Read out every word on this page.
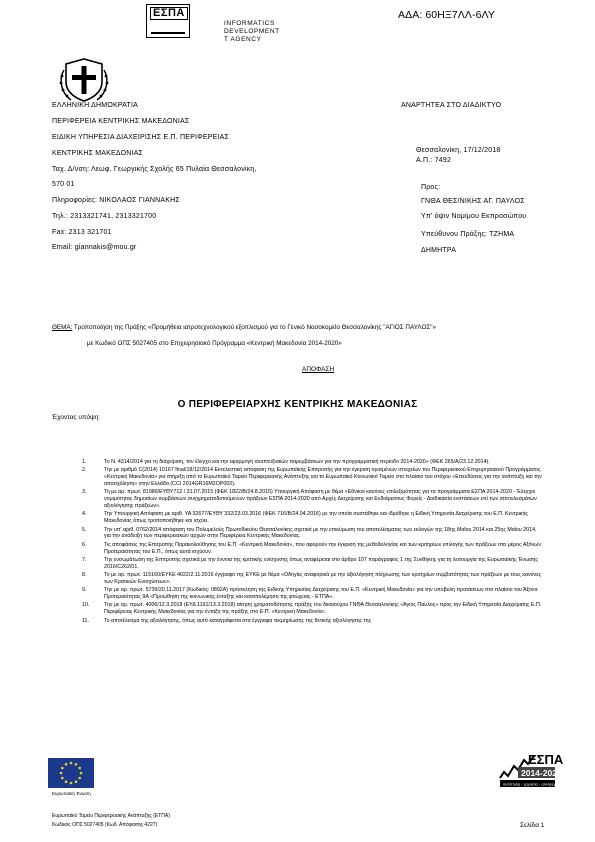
ΕΣΠΑ
INFORMATICS
DEVELOPMENT
T AGENCY
ΑΔΑ: 60ΗΞ7ΛΛ-6ΛΥ
ΕΛΛΗΝΙΚΗ ΔΗΜΟΚΡΑΤΙΑ
ΠΕΡΙΦΕΡΕΙΑ ΚΕΝΤΡΙΚΗΣ ΜΑΚΕΔΟΝΙΑΣ
ΕΙΔΙΚΗ ΥΠΗΡΕΣΙΑ ΔΙΑΧΕΙΡΙΣΗΣ Ε.Π. ΠΕΡΙΦΕΡΕΙΑΣ
ΚΕΝΤΡΙΚΗΣ ΜΑΚΕΔΟΝΙΑΣ
Ταχ. Δ/νση: Λεωφ. Γεωργικής Σχολής 65 Πυλαία Θεσσαλονίκη,
570 01
Πληροφορίες: ΝΙΚΟΛΑΟΣ ΓΙΑΝΝΑΚΗΣ
Τηλ.: 2313321741, 2313321700
Fax: 2313 321701
Email: giannakis@mou.gr
ΑΝΑΡΤΗΤΕΑ ΣΤΟ ΔΙΑΔΙΚΤΥΟ
Θεσσαλονίκη, 17/12/2018
Α.Π.: 7492
Προς:
ΓΝΘΑ ΘΕΣ/ΝΙΚΗΣ ΑΓ. ΠΑΥΛΟΣ
Υπ' όψιν Νομίμου Εκπροσώπου
Υπεύθυνου Πράξης: ΤΖΗΜΑ
ΔΗΜΗΤΡΑ
ΘΕΜΑ: Τροποποίηση της Πράξης «Προμήθεια ιατροτεχνολογικού εξοπλισμού για το Γενικό Νοσοκομείο Θεσσαλονίκης "ΑΓΙΟΣ ΠΑΥΛΟΣ"»
με Κωδικό ΟΠΣ 5027405 στο Επιχειρησιακό Πρόγραμμα «Κεντρική Μακεδονία 2014-2020»
ΑΠΟΦΑΣΗ
Ο ΠΕΡΙΦΕΡΕΙΑΡΧΗΣ ΚΕΝΤΡΙΚΗΣ ΜΑΚΕΔΟΝΙΑΣ
Έχοντας υπόψη:
1.	Το Ν. 4314/2014 για τη διαχείριση, τον έλεγχο και την εφαρμογή αναπτυξιακών παρεμβάσεων για την προγραμματική περίοδο 2014-2020» (ΦΕΚ 265/Α/23.12.2014).
2.	Την με αριθμό C(2014) 10167 final/18/12/2014 Εκτελεστική απόφαση της Ευρωπαϊκής Επιτροπής για την έγκριση ορισμένων στοιχείων του Περιφερειακού Επιχειρησιακού Προγράμματος «Κεντρική Μακεδονία» για στήριξη από το Ευρωπαϊκό Ταμείο Περιφερειακής Ανάπτυξης και το Ευρωπαϊκό Κοινωνικό Ταμείο στο πλαίσιο του στόχου «Επενδύσεις για την ανάπτυξη και την απασχόληση» στην Ελλάδα (CCI 2014GR16M2OP002).
3.	Τη με αρ. πρωτ. 81986/ΕΥΘΥ712 / 31.07.2015 (ΦΕΚ 1822/Β/24.8.2015) Υπουργική Απόφαση με θέμα «Εθνικοί κανόνες επιλεξιμότητας για τα προγράμματα ΕΣΠΑ 2014-2020 - Έλεγχοι νομιμότητας δημοσίων συμβάσεων συγχρηματοδοτούμενων πράξεων ΕΣΠΑ 2014-2020 από Αρχές Διαχείρισης και Ενδιάμεσους Φορείς - Διαδικασία ενστάσεων επί των αποτελεσμάτων αξιολόγησης πράξεων».
4.	Την Υπουργική Απόφαση με αριθ. ΥΑ 32677/ΕΥΘΥ 332/23.03.2016 (ΦΕΚ 716/Β/24.04.2016) με την οποία συστάθηκε και ιδρύθηκε η Ειδική Υπηρεσία Διαχείρισης του Ε.Π. Κεντρικής Μακεδονίας όπως τροποποιήθηκε και ισχύει.
5.	Την υπ' αριθ. 0762/2014 απόφαση του Πολυμελούς Πρωτοδικείου Θεσσαλονίκης σχετικά με την επικύρωση του αποτελέσματος των εκλογών της 18ης Μαΐου 2014 και 25ης Μαΐου 2014, για την ανάδειξη των περιφερειακών αρχών στην Περιφέρεια Κεντρικής Μακεδονίας.
6.	Τις αποφάσεις της Επιτροπής Παρακολούθησης του Ε.Π. «Κεντρική Μακεδονία», που αφορούν την έγκριση της μεθοδολογίας και των κριτηρίων επιλογής των πράξεων στο μέρος Αξόνων Προτεραιότητας του Ε.Π., όπως αυτά ισχύουν.
7.	Την ενσωμάτωση της Επιτροπής σχετικά με την έννοια της κρατικής ενίσχυσης όπως αναφέρεται στο άρθρο 107 παράγραφος 1 της Συνθήκης για τη λειτουργία της Ευρωπαϊκής Ένωσης 2016/C262/01.
8.	Το με αρ. πρωτ. 115160/ΕΥΚΕ 4022/2.11.2016 έγγραφο της ΕΥΚΕ με θέμα «Οδηγίες αναφορικά με την αξιολόγηση πλήρωσης των κριτηρίων συμβατότητας των πράξεων με τους κανόνες των Κρατικών Ενισχύσεων».
9.	Την με αρ. πρωτ. 5739/20.11.2017 (Κωδικός: 0892Α) πρόσκληση της Ειδικής Υπηρεσίας Διαχείρισης του Ε.Π. «Κεντρική Μακεδονία» για την υποβολή προτάσεων στο πλαίσιο του Άξονα Προτεραιότητας 9Α «Προώθηση της κοινωνικής ένταξης και καταπολέμηση της φτώχειας - ΕΤΠΑ».
10.	Την με αρ. πρωτ. 4006/12.3.2018 (ΕΥΔ 1191/13.3.2018) αίτηση χρηματοδότησης πράξης του δικαιούχου ΓΝΘΑ Θεσσαλονίκης «Άγιος Παύλος» προς την Ειδική Υπηρεσία Διαχείρισης Ε.Π. Περιφέρειας Κεντρικής Μακεδονίας για την ένταξη της πράξης στο Ε.Π. «Κεντρική Μακεδονία».
11.	Το αποτέλεσμα της αξιολόγησης, όπως αυτό καταγράφεται στα έγγραφα τεκμηρίωσης της θετικής αξιολόγησης της
Ευρωπαϊκή Ένωση
ΕΣΠΑ
2014-2020
ανάπτυξη - εργασία - αλληλεγγύη
Ευρωπαϊκό Ταμείο Περιφερειακής Ανάπτυξης (ΕΤΠΑ)
Κωδικός ΟΠΣ 5027405 (Κωδ. Απόφασης 4227)	Σελίδα 1
